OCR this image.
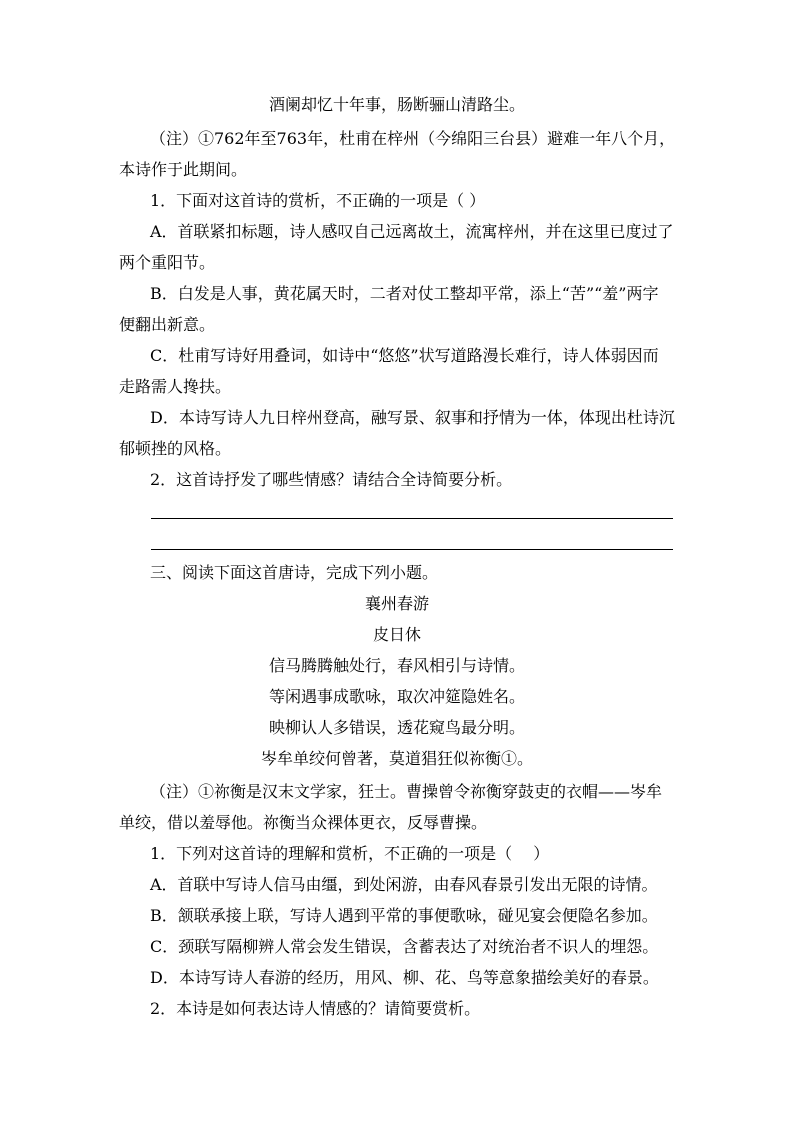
酒阑却忆十年事，肠断骊山清路尘。
（注）①762年至763年，杜甫在梓州（今绵阳三台县）避难一年八个月，
本诗作于此期间。
1．下面对这首诗的赏析，不正确的一项是（ ）
A．首联紧扣标题，诗人感叹自己远离故土，流寓梓州，并在这里已度过了
两个重阳节。
B．白发是人事，黄花属天时，二者对仗工整却平常，添上“苦”“羞”两字
便翻出新意。
C．杜甫写诗好用叠词，如诗中“悠悠”状写道路漫长难行，诗人体弱因而
走路需人搀扶。
D．本诗写诗人九日梓州登高，融写景、叙事和抒情为一体，体现出杜诗沉
郁顿挫的风格。
2．这首诗抒发了哪些情感？请结合全诗简要分析。
三、阅读下面这首唐诗，完成下列小题。
襄州春游
皮日休
信马腾腾触处行，春风相引与诗情。
等闲遇事成歌咏，取次冲筵隐姓名。
映柳认人多错误，透花窥鸟最分明。
岑牟单绞何曾著，莫道猖狂似祢衡①。
（注）①祢衡是汉末文学家，狂士。曹操曾令祢衡穿鼓吏的衣帽——岑牟
单绞，借以羞辱他。祢衡当众裸体更衣，反辱曹操。
1．下列对这首诗的理解和赏析，不正确的一项是（　 ）
A．首联中写诗人信马由缰，到处闲游，由春风春景引发出无限的诗情。
B．颔联承接上联，写诗人遇到平常的事便歌咏，碰见宴会便隐名参加。
C．颈联写隔柳辨人常会发生错误，含蓄表达了对统治者不识人的埋怨。
D．本诗写诗人春游的经历，用风、柳、花、鸟等意象描绘美好的春景。
2．本诗是如何表达诗人情感的？请简要赏析。
